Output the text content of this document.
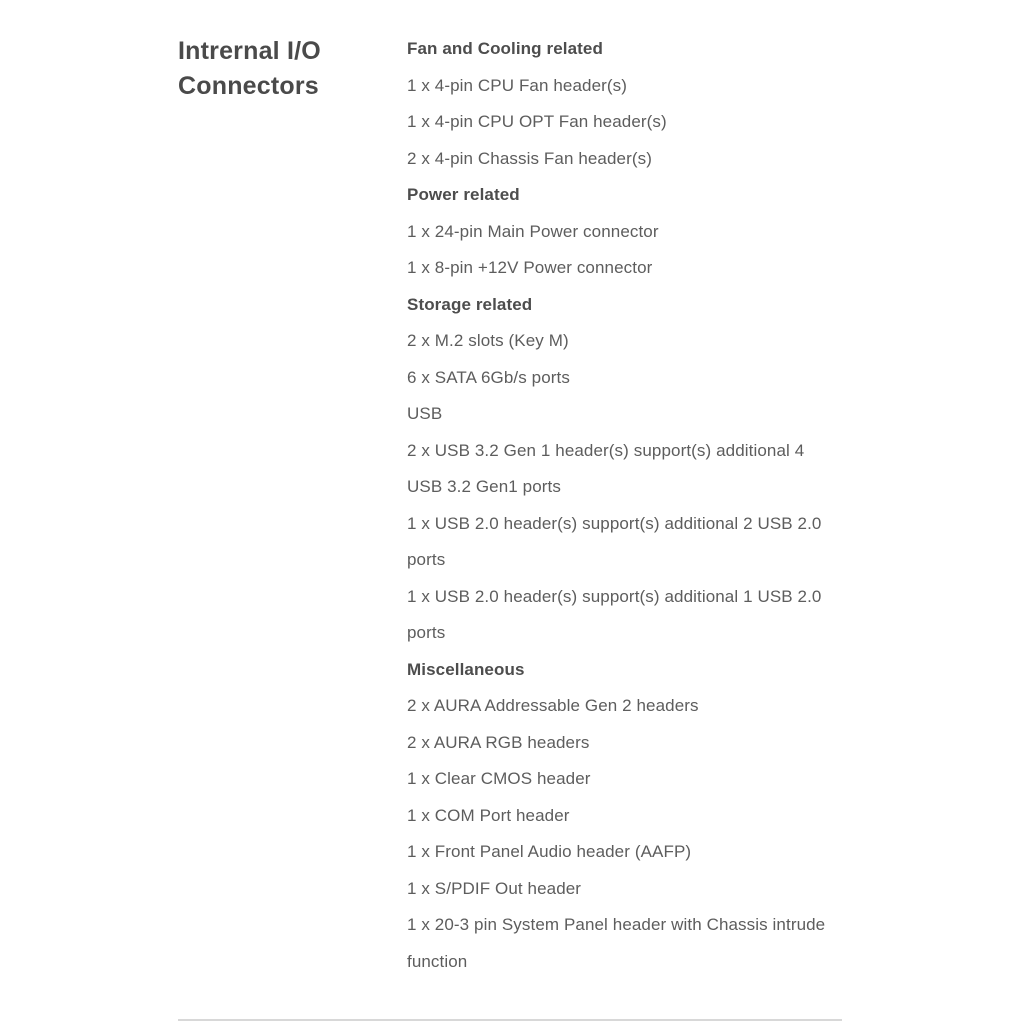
Intrernal I/O Connectors
Fan and Cooling related
1 x 4-pin CPU Fan header(s)
1 x 4-pin CPU OPT Fan header(s)
2 x 4-pin Chassis Fan header(s)
Power related
1 x 24-pin Main Power connector
1 x 8-pin +12V Power connector
Storage related
2 x M.2 slots (Key M)
6 x SATA 6Gb/s ports
USB
2 x USB 3.2 Gen 1 header(s) support(s) additional 4 USB 3.2 Gen1 ports
1 x USB 2.0 header(s) support(s) additional 2 USB 2.0 ports
1 x USB 2.0 header(s) support(s) additional 1 USB 2.0 ports
Miscellaneous
2 x AURA Addressable Gen 2 headers
2 x AURA RGB headers
1 x Clear CMOS header
1 x COM Port header
1 x Front Panel Audio header (AAFP)
1 x S/PDIF Out header
1 x 20-3 pin System Panel header with Chassis intrude function
